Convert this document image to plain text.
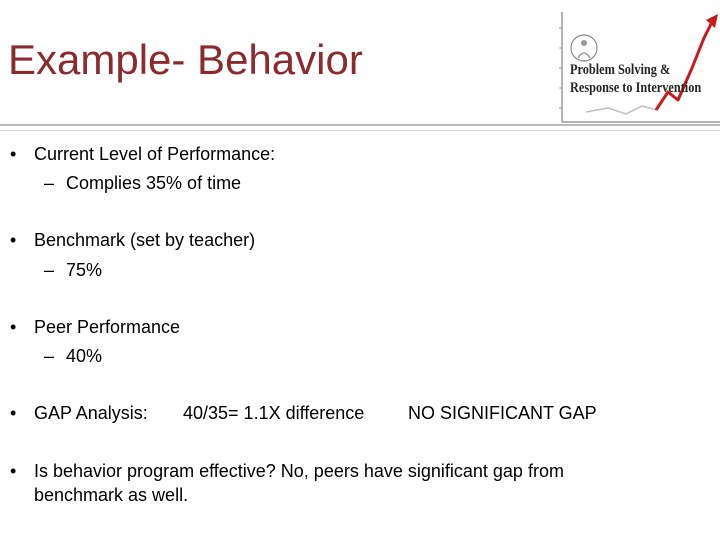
Example- Behavior	Problem Solving &
Response to Intervention
• Current Level of Performance:
– Complies 35% of time
• Benchmark (set by teacher)
– 75%
• Peer Performance
– 40%
• GAP Analysis: 40/35= 1.1X difference NO SIGNIFICANT GAP
• Is behavior program effective? No, peers have significant gap from
benchmark as well.
